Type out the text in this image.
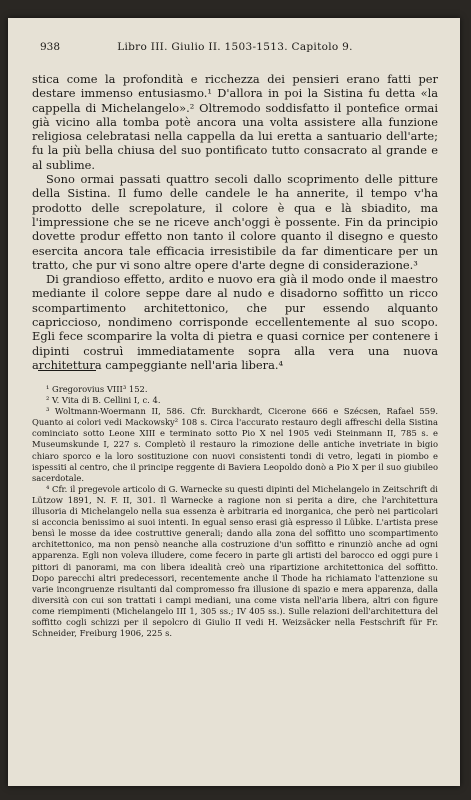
938	Libro III. Giulio II. 1503-1513. Capitolo 9.

stica come la profondità e ricchezza dei pensieri erano fatti per destare immenso entusiasmo.¹ D'allora in poi la Sistina fu detta «la cappella di Michelangelo».² Oltremodo soddisfatto il pontefice ormai già vicino alla tomba potè ancora una volta assistere alla funzione religiosa celebratasi nella cappella da lui eretta a santuario dell'arte; fu la più bella chiusa del suo pontificato tutto consacrato al grande e al sublime.

Sono ormai passati quattro secoli dallo scoprimento delle pitture della Sistina. Il fumo delle candele le ha annerite, il tempo v'ha prodotto delle screpolature, il colore è qua e là sbiadito, ma l'impressione che se ne riceve anch'oggi è possente. Fin da principio dovette produr effetto non tanto il colore quanto il disegno e questo esercita ancora tale efficacia irresistibile da far dimenticare per un tratto, che pur vi sono altre opere d'arte degne di considerazione.³

Di grandioso effetto, ardito e nuovo era già il modo onde il maestro mediante il colore seppe dare al nudo e disadorno soffitto un ricco scompartimento architettonico, che pur essendo alquanto capriccioso, nondimeno corrisponde eccellentemente al suo scopo. Egli fece scomparire la volta di pietra e quasi cornice per contenere i dipinti costruì immediatamente sopra alla vera una nuova architettura campeggiante nell'aria libera.⁴

¹ Gregorovius VIII³ 152.

² V. Vita di B. Cellini I, c. 4.

³ Woltmann-Woermann II, 586. Cfr. Burckhardt, Cicerone 666 e Szécsen, Rafael 559. Quanto ai colori vedi Mackowsky² 108 s. Circa l'accurato restauro degli affreschi della Sistina cominciato sotto Leone XIII e terminato sotto Pio X nel 1905 vedi Steinmann II, 785 s. e Museumskunde I, 227 s. Completò il restauro la rimozione delle antiche invetriate in bigio chiaro sporco e la loro sostituzione con nuovi consistenti tondi di vetro, legati in piombo e ispessiti al centro, che il principe reggente di Baviera Leopoldo donò a Pio X per il suo giubileo sacerdotale.

⁴ Cfr. il pregevole articolo di G. Warnecke su questi dipinti del Michelangelo in Zeitschrift di Lützow 1891, N. F. II, 301. Il Warnecke a ragione non si perita a dire, che l'architettura illusoria di Michelangelo nella sua essenza è arbitraria ed inorganica, che però nei particolari si acconcia benissimo ai suoi intenti. In egual senso erasi già espresso il Lübke. L'artista prese bensì le mosse da idee costruttive generali; dando alla zona del soffitto uno scompartimento architettonico, ma non pensò neanche alla costruzione d'un soffitto e rinunziò anche ad ogni apparenza. Egli non voleva illudere, come fecero in parte gli artisti del barocco ed oggi pure i pittori di panorami, ma con libera idealità creò una ripartizione architettonica del soffitto. Dopo parecchi altri predecessori, recentemente anche il Thode ha richiamato l'attenzione su varie incongruenze risultanti dal compromesso fra illusione di spazio e mera apparenza, dalla diversità con cui son trattati i campi mediani, una come vista nell'aria libera, altri con figure come riempimenti (Michelangelo III 1, 305 ss.; IV 405 ss.). Sulle relazioni dell'architettura del soffitto cogli schizzi per il sepolcro di Giulio II vedi H. Weizsäcker nella Festschrift für Fr. Schneider, Freiburg 1906, 225 s.
